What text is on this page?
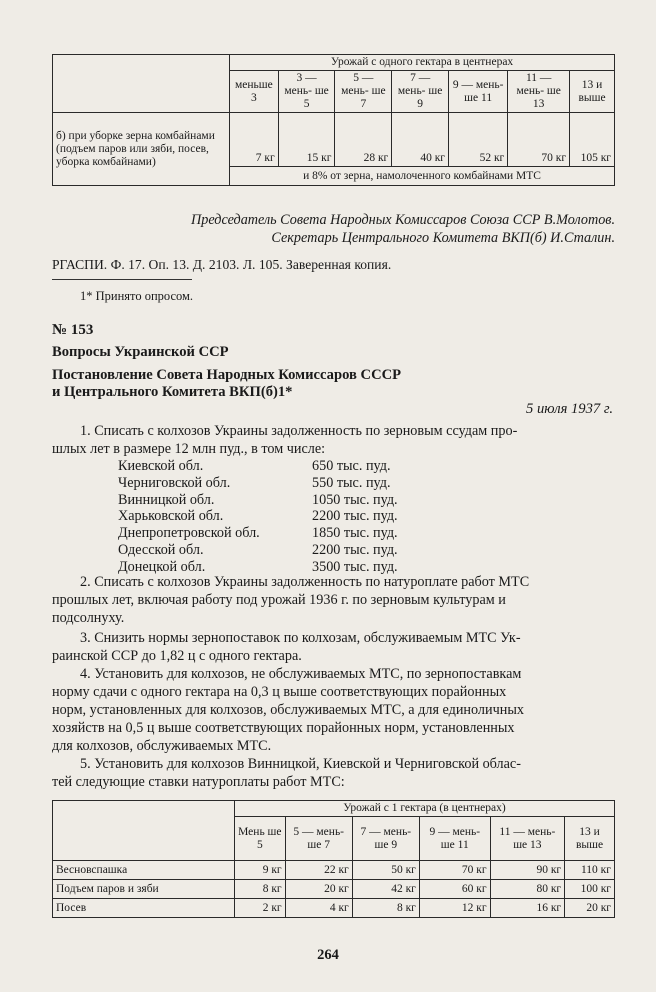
	Урожай с одного гектара в центнерах						
	меньше 3	3 — мень- ше 5	5 — мень- ше 7	7 — мень- ше 9	9 — мень- ше 11	11 — мень- ше 13	13 и выше
б) при уборке зерна комбайнами (подъем паров или зяби, посев, уборка комбайнами)	7 кг	15 кг	28 кг	40 кг	52 кг	70 кг	105 кг
	и 8% от зерна, намолоченного комбайнами МТС						
Председатель Совета Народных Комиссаров Союза ССР В.Молотов.
Секретарь Центрального Комитета ВКП(б) И.Сталин.
РГАСПИ. Ф. 17. Оп. 13. Д. 2103. Л. 105. Заверенная копия.
1* Принято опросом.
№ 153
Вопросы Украинской ССР
Постановление Совета Народных Комиссаров СССР
и Центрального Комитета ВКП(б)1*
5 июля 1937 г.
1. Списать с колхозов Украины задолженность по зерновым ссудам про-
шлых лет в размере 12 млн пуд., в том числе:
Киевской обл.	650 тыс. пуд.
Черниговской обл.	550 тыс. пуд.
Винницкой обл.	1050 тыс. пуд.
Харьковской обл.	2200 тыс. пуд.
Днепропетровской обл.	1850 тыс. пуд.
Одесской обл.	2200 тыс. пуд.
Донецкой обл.	3500 тыс. пуд.
2. Списать с колхозов Украины задолженность по натуроплате работ МТС
прошлых лет, включая работу под урожай 1936 г. по зерновым культурам и
подсолнуху.
3. Снизить нормы зернопоставок по колхозам, обслуживаемым МТС Ук-
раинской ССР до 1,82 ц с одного гектара.
4. Установить для колхозов, не обслуживаемых МТС, по зернопоставкам
норму сдачи с одного гектара на 0,3 ц выше соответствующих порайонных
норм, установленных для колхозов, обслуживаемых МТС, а для единоличных
хозяйств на 0,5 ц выше соответствующих порайонных норм, установленных
для колхозов, обслуживаемых МТС.
	Урожай с 1 гектара (в центнерах)					
	Мень ше 5	5 — мень- ше 7	7 — мень- ше 9	9 — мень- ше 11	11 — мень- ше 13	13 и выше
Весновспашка	9 кг	22 кг	50 кг	70 кг	90 кг	110 кг
Подъем паров и зяби	8 кг	20 кг	42 кг	60 кг	80 кг	100 кг
Посев	2 кг	4 кг	8 кг	12 кг	16 кг	20 кг
264
5. Установить для колхозов Винницкой, Киевской и Черниговской облас-
тей следующие ставки натуроплаты работ МТС:
